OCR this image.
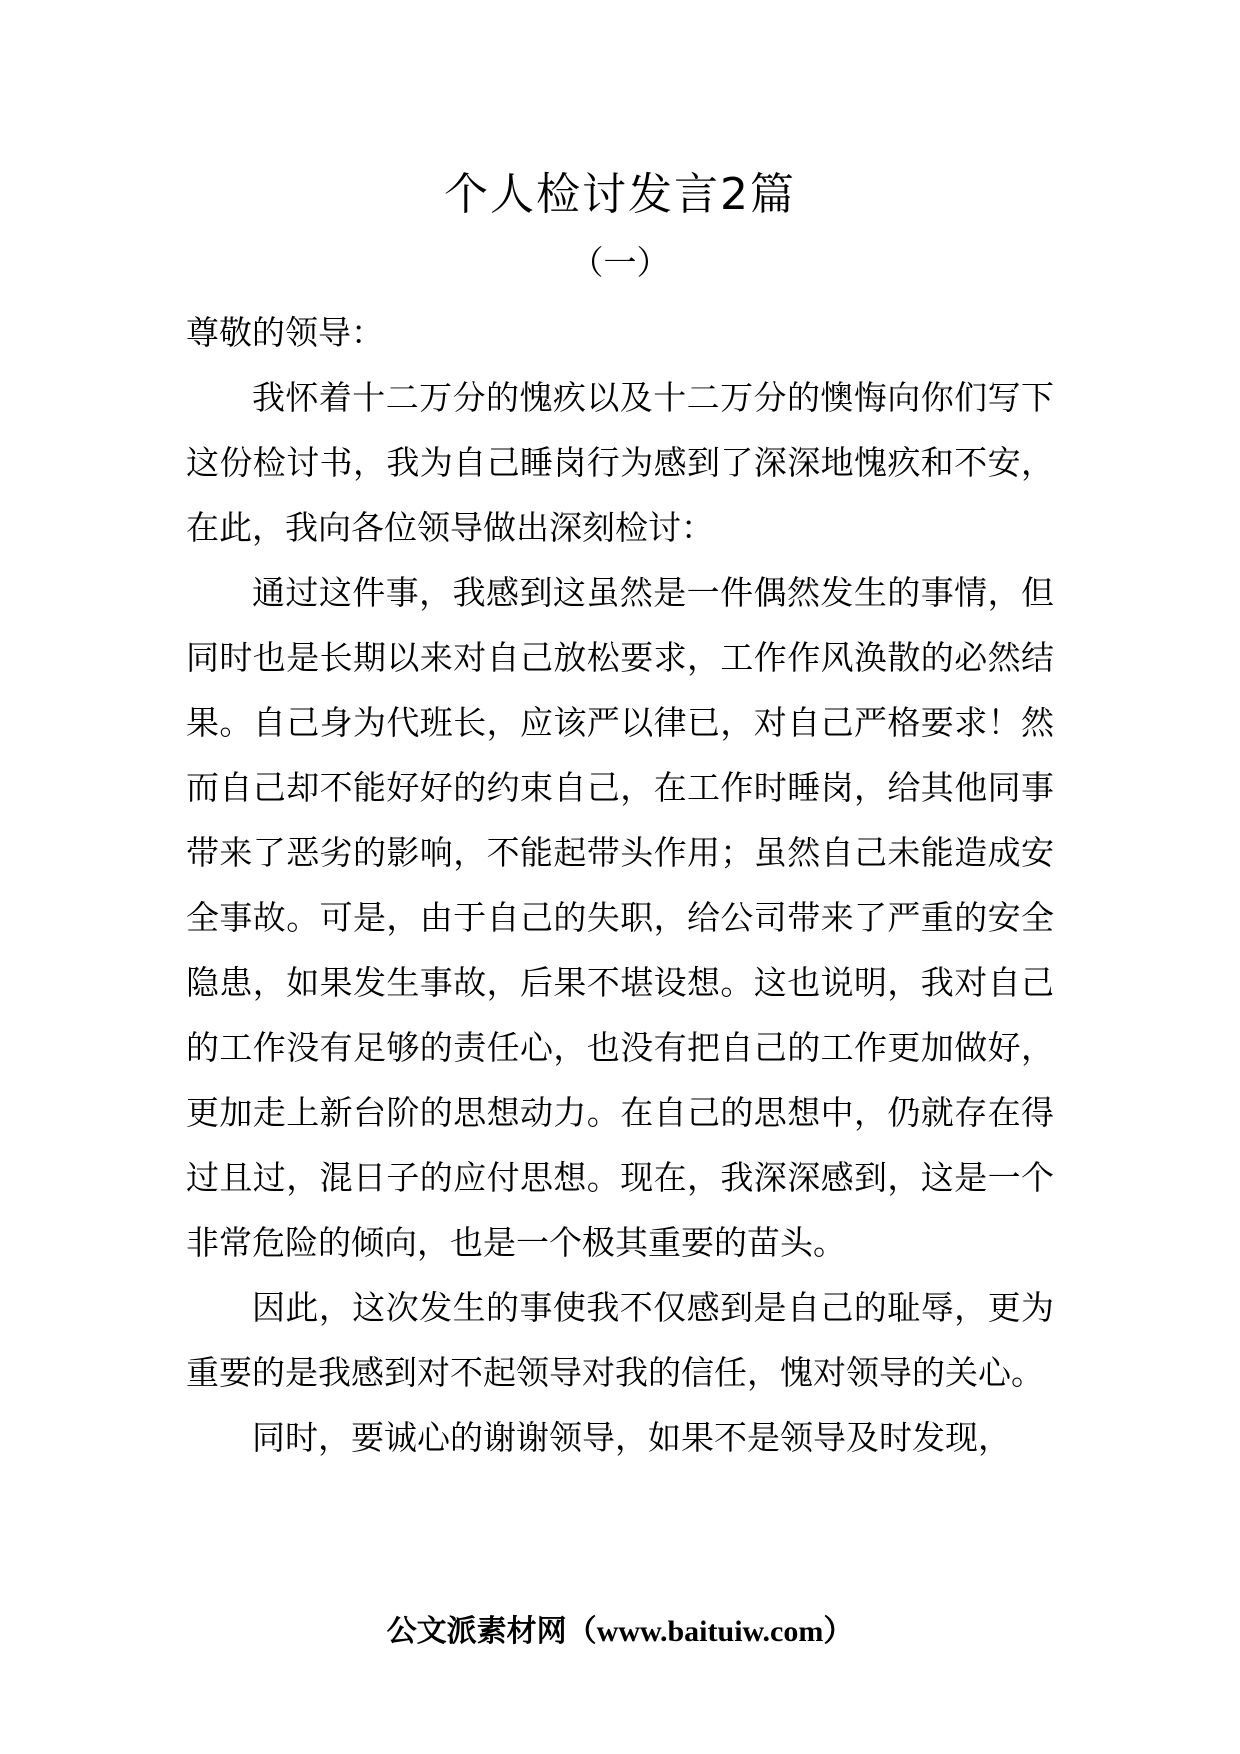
个人检讨发言2篇
（一）

尊敬的领导：

我怀着十二万分的愧疚以及十二万分的懊悔向你们写下这份检讨书，我为自己睡岗行为感到了深深地愧疚和不安，在此，我向各位领导做出深刻检讨：

通过这件事，我感到这虽然是一件偶然发生的事情，但同时也是长期以来对自己放松要求，工作作风涣散的必然结果。自己身为代班长，应该严以律已，对自己严格要求！然而自己却不能好好的约束自己，在工作时睡岗，给其他同事带来了恶劣的影响，不能起带头作用；虽然自己未能造成安全事故。可是，由于自己的失职，给公司带来了严重的安全隐患，如果发生事故，后果不堪设想。这也说明，我对自己的工作没有足够的责任心，也没有把自己的工作更加做好，更加走上新台阶的思想动力。在自己的思想中，仍就存在得过且过，混日子的应付思想。现在，我深深感到，这是一个非常危险的倾向，也是一个极其重要的苗头。

因此，这次发生的事使我不仅感到是自己的耻辱，更为重要的是我感到对不起领导对我的信任，愧对领导的关心。

同时，要诚心的谢谢领导，如果不是领导及时发现，

公文派素材网（www.baituiw.com）
